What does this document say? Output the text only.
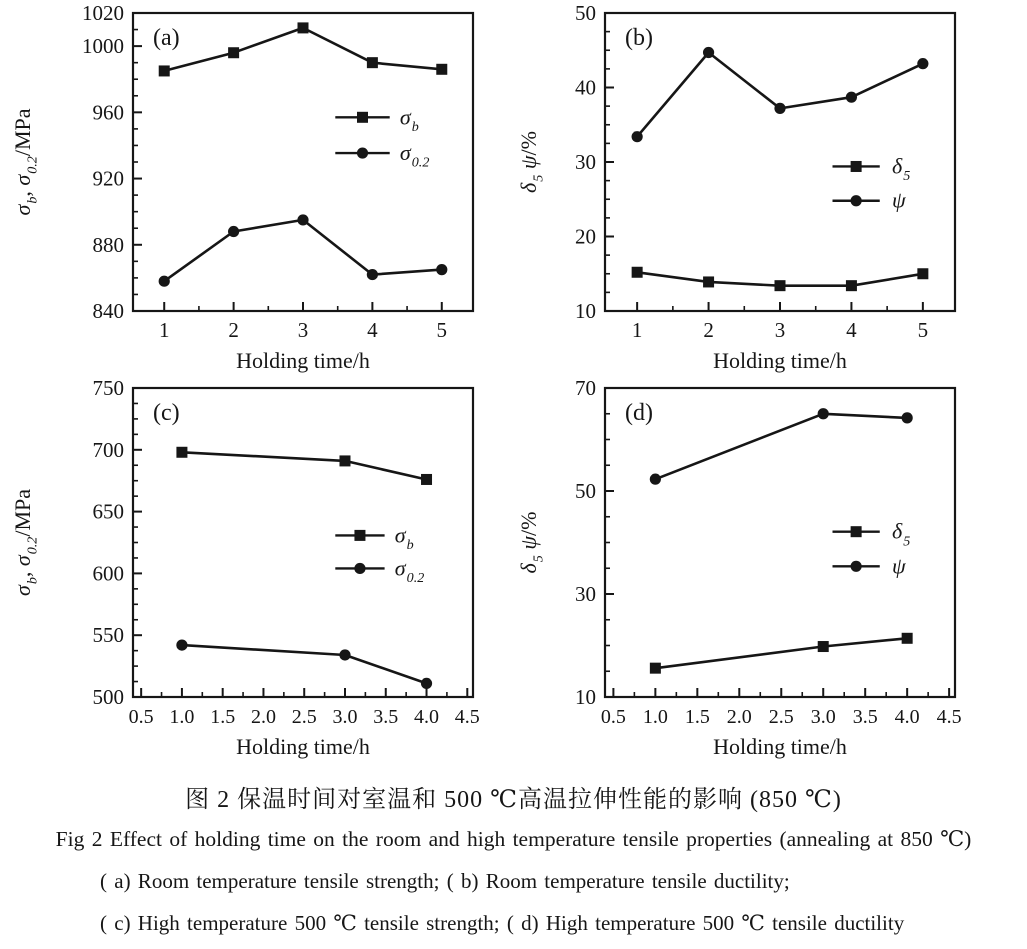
840
880
920
960
1000
1020
1	2	3	4	5
Holding time/h
$\sigma_b$, $\sigma_{0.2}$/MPa
(a)
$\sigma_b$
$\sigma_{0.2}$
10
20
30
40
50
1	2	3	4	5
Holding time/h
$\delta_5$ ψ/%
(b)
$\delta_5$
ψ
500
550
600
650
700
750
0.5 1.0 1.5 2.0 2.5 3.0 3.5 4.0 4.5
Holding time/h
$\sigma_b$, $\sigma_{0.2}$/MPa
(c)
$\sigma_b$
$\sigma_{0.2}$
10
30
50
70
0.5 1.0 1.5 2.0 2.5 3.0 3.5 4.0 4.5
Holding time/h
$\delta_5$ ψ/%
(d)
$\delta_5$
ψ
图 2 保温时间对室温和 500 ℃高温拉伸性能的影响 (850 ℃)
Fig 2 Effect of holding time on the room and high temperature tensile properties (annealing at 850 ℃)
( a) Room temperature tensile strength; ( b) Room temperature tensile ductility;
( c) High temperature 500 ℃ tensile strength; ( d) High temperature 500 ℃ tensile ductility
